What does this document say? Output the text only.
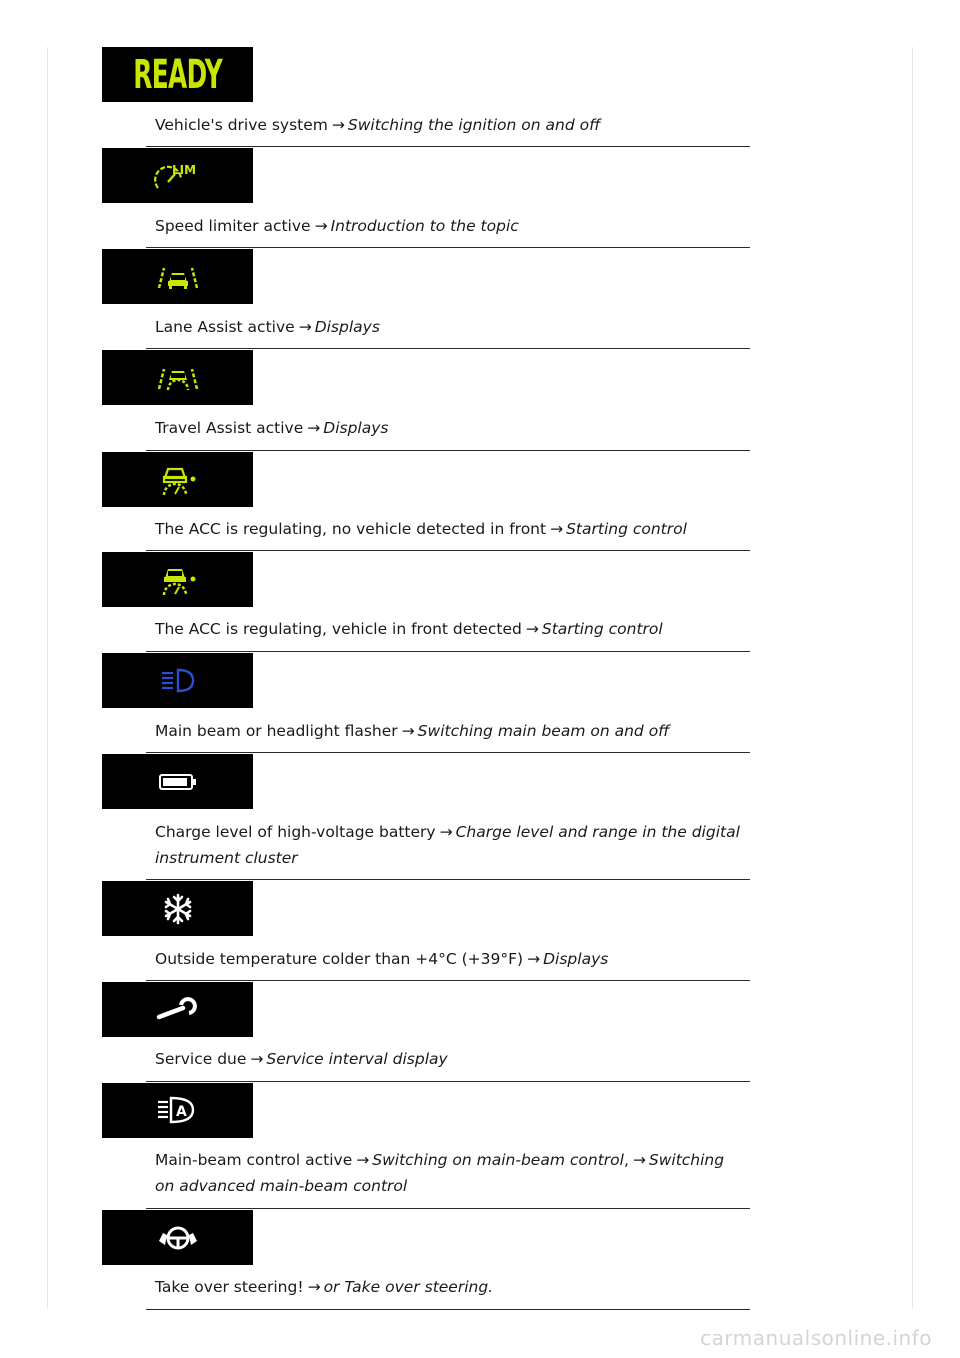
READY
Vehicle's drive system → Switching the ignition on and off
LIM
Speed limiter active → Introduction to the topic
Lane Assist active → Displays
Travel Assist active → Displays
The ACC is regulating, no vehicle detected in front → Starting control
The ACC is regulating, vehicle in front detected → Starting control
Main beam or headlight flasher → Switching main beam on and off
Charge level of high-voltage battery → Charge level and range in the digital instrument cluster
Outside temperature colder than +4°C (+39°F) → Displays
Service due → Service interval display
A
Main-beam control active → Switching on main-beam control, → Switching on advanced main-beam control
Take over steering! → or Take over steering.
carmanualsonline.info
